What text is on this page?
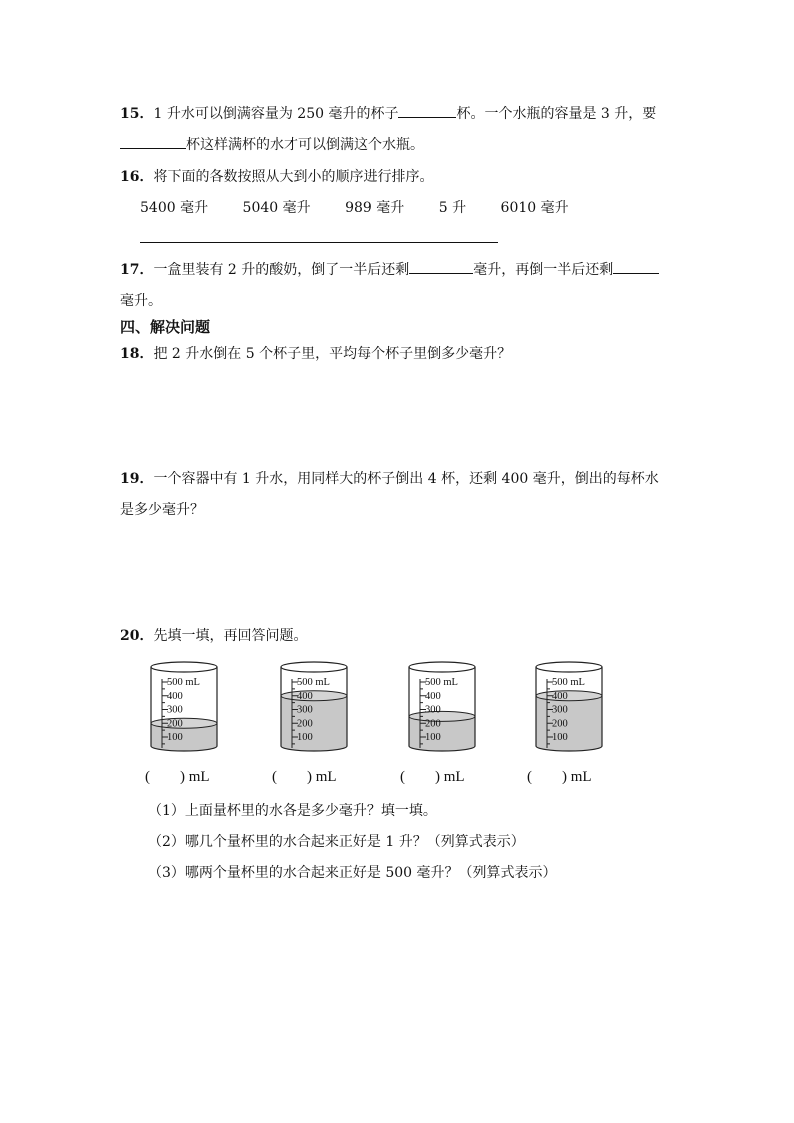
15．1 升水可以倒满容量为 250 毫升的杯子	杯。一个水瓶的容量是 3 升，要
杯这样满杯的水才可以倒满这个水瓶。
16．将下面的各数按照从大到小的顺序进行排序。
5400 毫升 5040 毫升 989 毫升 5 升 6010 毫升
17．一盒里装有 2 升的酸奶，倒了一半后还剩	毫升，再倒一半后还剩
毫升。
四、解决问题
18．把 2 升水倒在 5 个杯子里，平均每个杯子里倒多少毫升？
19．一个容器中有 1 升水，用同样大的杯子倒出 4 杯，还剩 400 毫升，倒出的每杯水
是多少毫升？
20．先填一填，再回答问题。
500 mL
400
300
200
100
500 mL
400
300
200
100
500 mL
400
300
200
100
500 mL
400
300
200
100
(　　) mL	(　　) mL	(　　) mL	(　　) mL
（1）上面量杯里的水各是多少毫升？填一填。
（2）哪几个量杯里的水合起来正好是 1 升？（列算式表示）
（3）哪两个量杯里的水合起来正好是 500 毫升？（列算式表示）
